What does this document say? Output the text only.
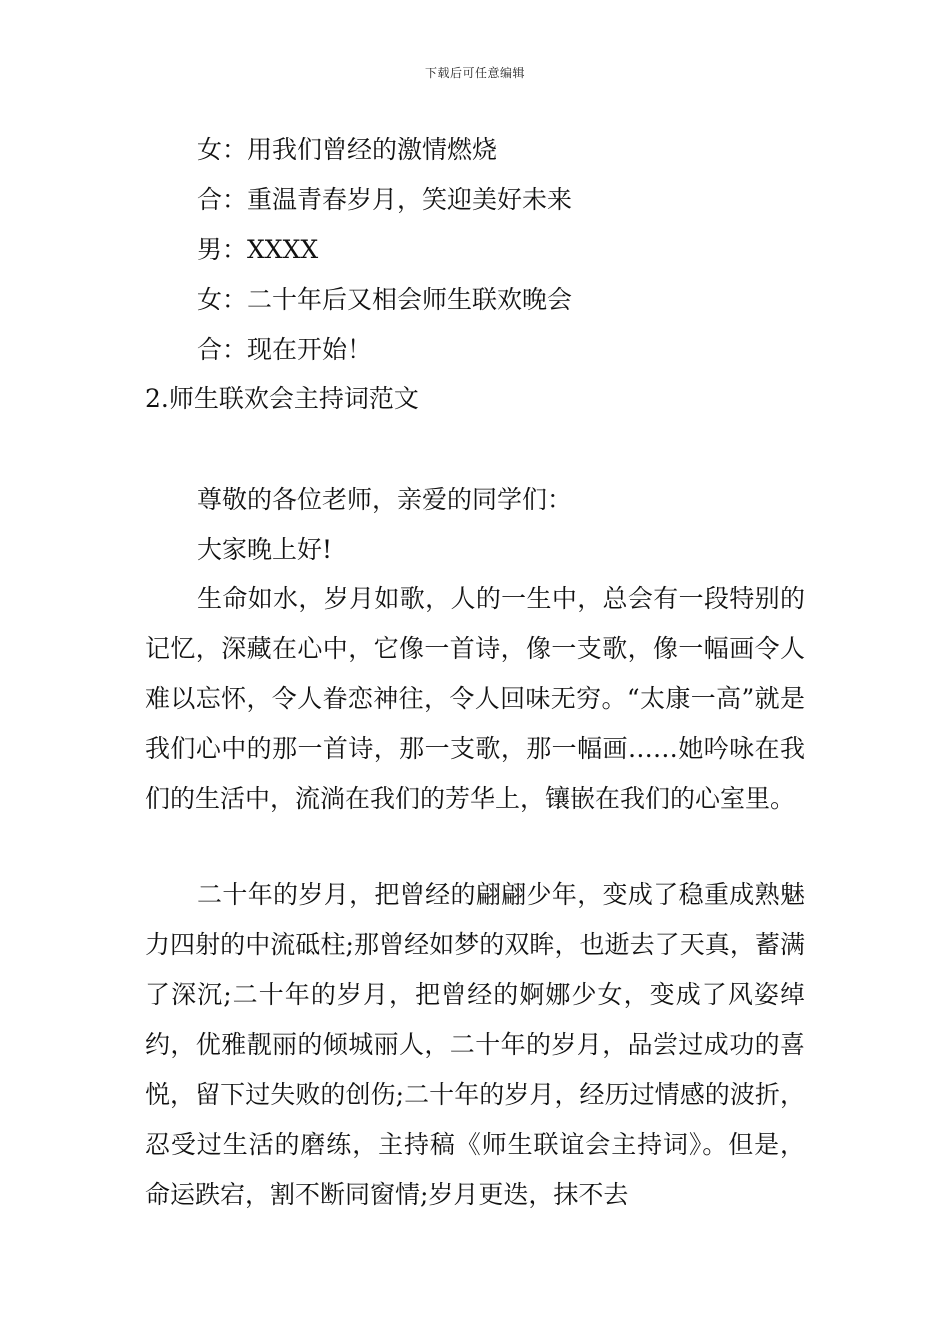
下载后可任意编辑
女：用我们曾经的激情燃烧
合：重温青春岁月，笑迎美好未来
男：XXXX
女：二十年后又相会师生联欢晚会
合：现在开始！
2.师生联欢会主持词范文
尊敬的各位老师，亲爱的同学们：
大家晚上好!
生命如水，岁月如歌，人的一生中，总会有一段特别的记忆，深藏在心中，它像一首诗，像一支歌，像一幅画令人难以忘怀，令人眷恋神往，令人回味无穷。“太康一高”就是我们心中的那一首诗，那一支歌，那一幅画……她吟咏在我们的生活中，流淌在我们的芳华上，镶嵌在我们的心室里。
二十年的岁月，把曾经的翩翩少年，变成了稳重成熟魅力四射的中流砥柱;那曾经如梦的双眸，也逝去了天真，蓄满了深沉;二十年的岁月，把曾经的婀娜少女，变成了风姿绰约，优雅靓丽的倾城丽人，二十年的岁月，品尝过成功的喜悦，留下过失败的创伤;二十年的岁月，经历过情感的波折，忍受过生活的磨练，主持稿《师生联谊会主持词》。但是，命运跌宕，割不断同窗情;岁月更迭，抹不去
